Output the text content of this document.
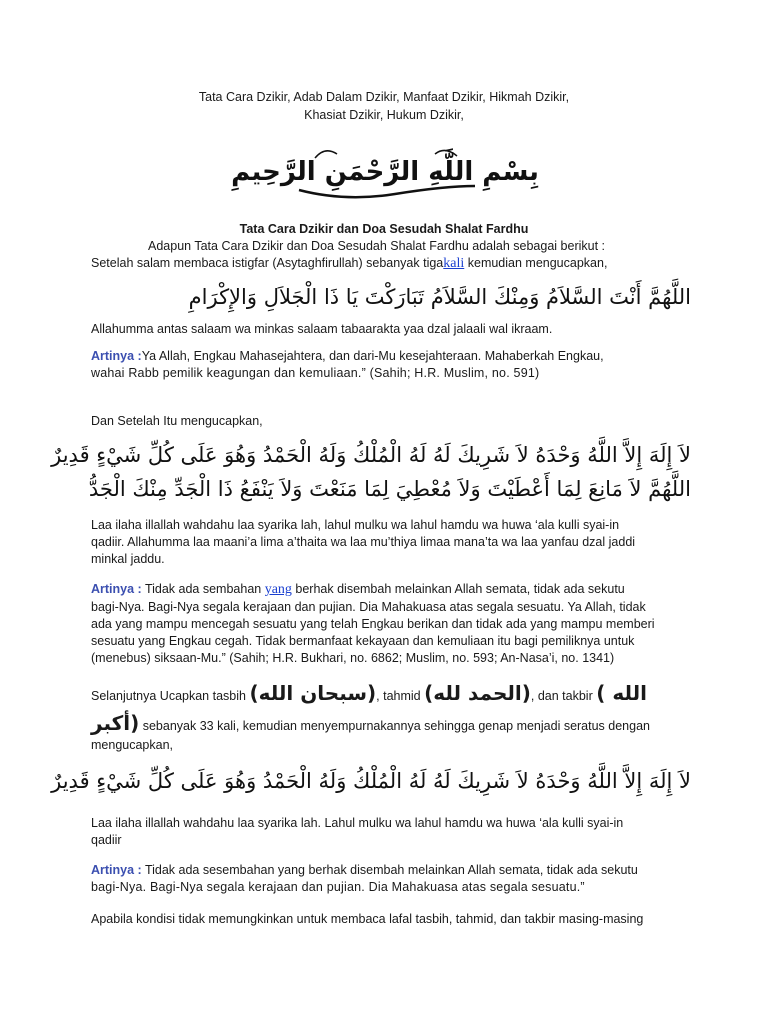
Tata Cara Dzikir, Adab Dalam Dzikir, Manfaat Dzikir, Hikmah Dzikir,

Khasiat Dzikir, Hukum Dzikir,

بِسْمِ اللَّهِ الرَّحْمَنِ الرَّحِيمِ

Tata Cara Dzikir dan Doa Sesudah Shalat Fardhu

Adapun Tata Cara Dzikir dan Doa Sesudah Shalat Fardhu adalah sebagai berikut :

Setelah salam membaca istigfar (Asytaghfirullah) sebanyak tigakali kemudian mengucapkan,

اللَّهُمَّ أَنْتَ السَّلاَمُ وَمِنْكَ السَّلاَمُ تَبَارَكْتَ يَا ذَا الْجَلاَلِ وَالإِكْرَامِ

Allahumma antas salaam wa minkas salaam tabaarakta yaa dzal jalaali wal ikraam.

Artinya :Ya Allah, Engkau Mahasejahtera, dan dari-Mu kesejahteraan. Mahaberkah Engkau,

wahai Rabb pemilik keagungan dan kemuliaan.” (Sahih; H.R. Muslim, no. 591)

Dan Setelah Itu mengucapkan,

لاَ إِلَهَ إِلاَّ اللَّهُ وَحْدَهُ لاَ شَرِيكَ لَهُ لَهُ الْمُلْكُ وَلَهُ الْحَمْدُ وَهُوَ عَلَى كُلِّ شَيْءٍ قَدِيرٌ
اللَّهُمَّ لاَ مَانِعَ لِمَا أَعْطَيْتَ وَلاَ مُعْطِيَ لِمَا مَنَعْتَ وَلاَ يَنْفَعُ ذَا الْجَدِّ مِنْكَ الْجَدُّ

Laa ilaha illallah wahdahu laa syarika lah, lahul mulku wa lahul hamdu wa huwa ‘ala kulli syai-in

qadiir. Allahumma laa maani’a lima a’thaita wa laa mu’thiya limaa mana’ta wa laa yanfau dzal jaddi

minkal jaddu.

Artinya : Tidak ada sembahan yang berhak disembah melainkan Allah semata, tidak ada sekutu

bagi-Nya. Bagi-Nya segala kerajaan dan pujian. Dia Mahakuasa atas segala sesuatu. Ya Allah, tidak

ada yang mampu mencegah sesuatu yang telah Engkau berikan dan tidak ada yang mampu memberi

sesuatu yang Engkau cegah. Tidak bermanfaat kekayaan dan kemuliaan itu bagi pemiliknya untuk

(menebus) siksaan-Mu.” (Sahih; H.R. Bukhari, no. 6862; Muslim, no. 593; An-Nasa’i, no. 1341)

Selanjutnya Ucapkan tasbih (سبحان الله), tahmid (الحمد لله), dan takbir ( الله

أكبر) sebanyak 33 kali, kemudian menyempurnakannya sehingga genap menjadi seratus dengan

mengucapkan,

لاَ إِلَهَ إِلاَّ اللَّهُ وَحْدَهُ لاَ شَرِيكَ لَهُ لَهُ الْمُلْكُ وَلَهُ الْحَمْدُ وَهُوَ عَلَى كُلِّ شَيْءٍ قَدِيرٌ

Laa ilaha illallah wahdahu laa syarika lah. Lahul mulku wa lahul hamdu wa huwa ‘ala kulli syai-in

qadiir

Artinya : Tidak ada sesembahan yang berhak disembah melainkan Allah semata, tidak ada sekutu

bagi-Nya. Bagi-Nya segala kerajaan dan pujian. Dia Mahakuasa atas segala sesuatu.”

Apabila kondisi tidak memungkinkan untuk membaca lafal tasbih, tahmid, dan takbir masing-masing
